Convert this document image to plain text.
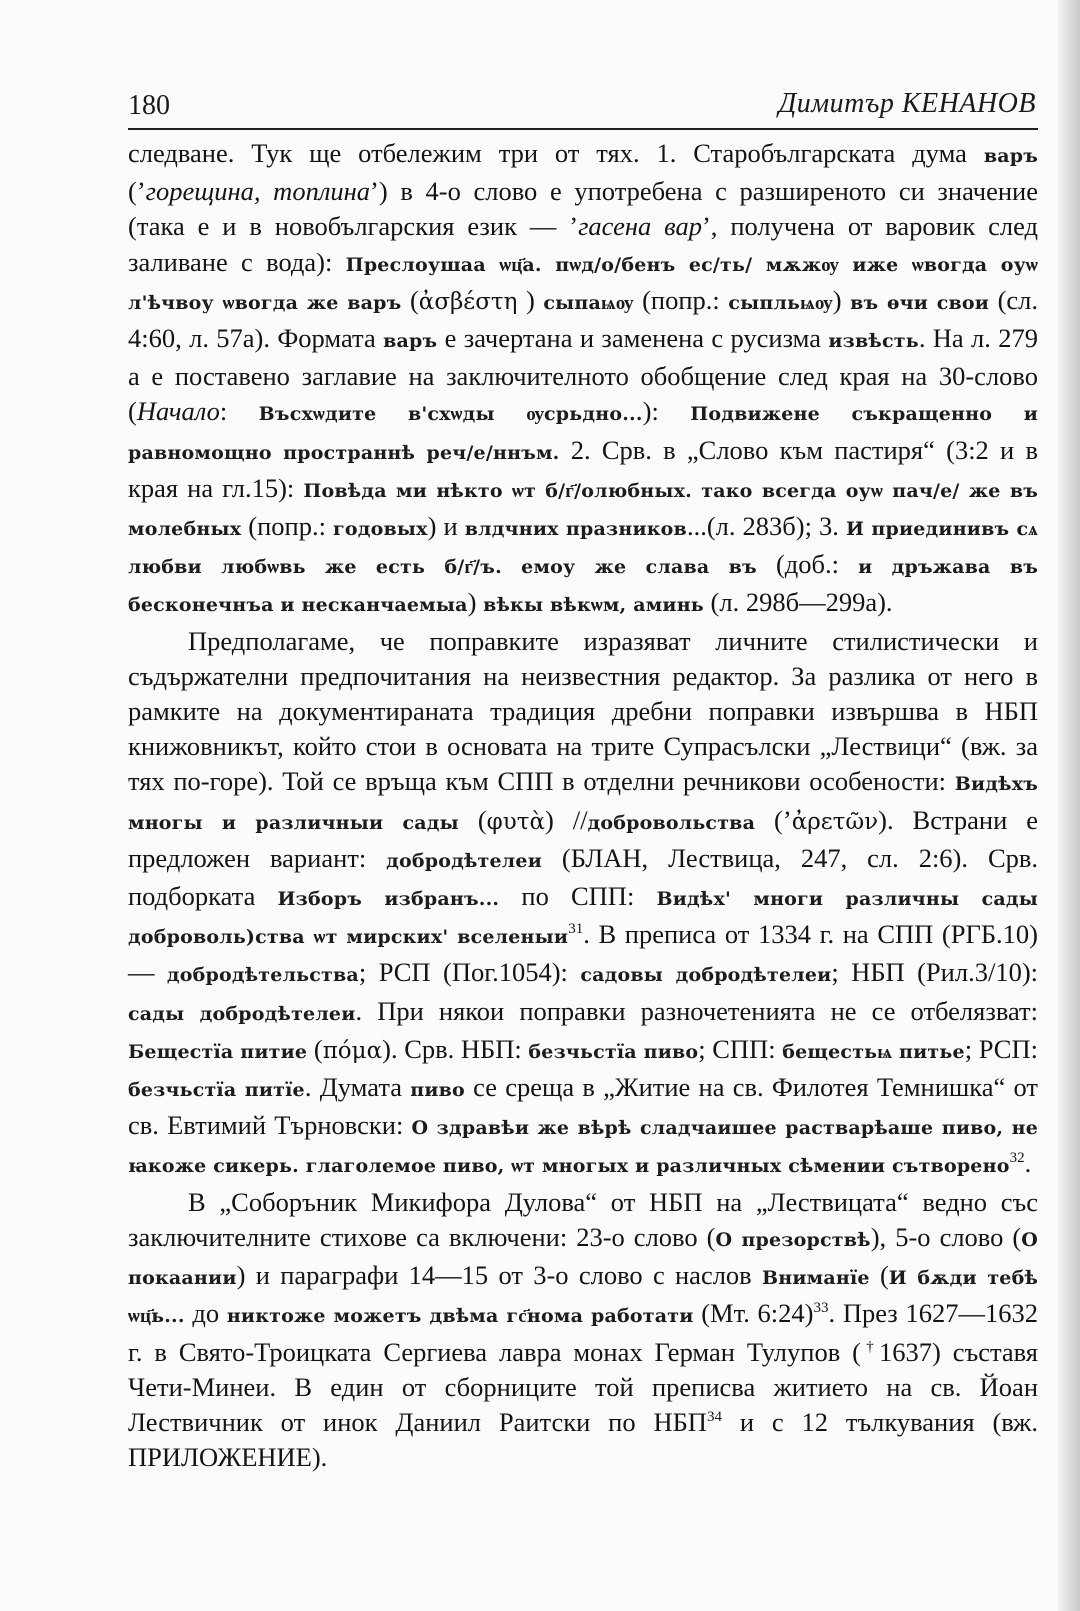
180	Димитър КЕНАНОВ

следване. Тук ще отбележим три от тях. 1. Старобългарската дума варъ (’горещина, топлина’) в 4-о слово е употребена с разширеното си значение (така е и в новобългарския език — ’гасена вар’, получена от варовик след заливане с вода): Преслоушаа ѡц҃а. пѡд/о/бенъ ес/ть/ мѫжѹ иже ѡвогда оуѡ л'ѣчвоу ѡвогда же варъ (ἀσβέστη ) сыпаѩѹ (попр.: сыпльѩѹ) въ ѳчи свои (сл. 4:60, л. 57а). Формата варъ е зачертана и заменена с русизма извѣсть. На л. 279 а е поставено заглавие на заключителното обобщение след края на 30-слово (Начало: Въсхѡдите в'схѡды ѹсрьдно...): Подвижене съкращенно и равномощно пространнѣ реч/е/ннъм. 2. Срв. в „Слово към пастиря“ (3:2 и в края на гл.15): Повѣда ми нѣкто ѡт б/г҃/олюбных. тако всегда оуѡ пач/е/ же въ молебных (попр.: годовых) и влдчних празников...(л. 283б); 3. И приединивъ сѧ любви любѡвь же есть б/г҃/ъ. емоу же слава въ (доб.: и дръжава въ бесконечнъа и несканчаемыа) вѣкы вѣкѡм, аминь (л. 298б—299а).

Предполагаме, че поправките изразяват личните стилистически и съдържателни предпочитания на неизвестния редактор. За разлика от него в рамките на документираната традиция дребни поправки извършва в НБП книжовникът, който стои в основата на трите Супрасълски „Лествици“ (вж. за тях по-горе). Той се връща към СПП в отделни речникови особености: Видѣхъ многы и различныи сады (φυτὰ) //добровольства (’ἀρετῶν). Встрани е предложен вариант: добродѣтелеи (БЛАН, Лествица, 247, сл. 2:6). Срв. подборката Изборъ избранъ... по СПП: Видѣх' многи различны сады доброволь)ства ѡт мирских' вселеныи$^{31}$. В преписа от 1334 г. на СПП (РГБ.10) — добродѣтельства; РСП (Пог.1054): садовы добродѣтелеи; НБП (Рил.3/10): сады добродѣтелеи. При някои поправки разночетенията не се отбелязват: Бещестїа питие (πόμα). Срв. НБП: безчьстїа пиво; СПП: бещестьѩ питье; РСП: безчьстїа питїе. Думата пиво се среща в „Житие на св. Филотея Темнишка“ от св. Евтимий Търновски: О здравѣи же вѣрѣ сладчаишее растварѣаше пиво, не ꙗкоже сикерь. глаголемое пиво, ѡт многых и различных сѣмении сътворено$^{32}$.

В „Соборъник Микифора Дулова“ от НБП на „Лествицата“ ведно със заключителните стихове са включени: 23-о слово (О презорствѣ), 5-о слово (О покаании) и параграфи 14—15 от 3-о слово с наслов Вниманїе (И бѫди тебѣ ѡц҃ь... до никтоже можетъ двѣма гс҃нома работати (Мт. 6:24)$^{33}$. През 1627—1632 г. в Свято-Троицката Сергиева лавра монах Герман Тулупов (†1637) съставя Чети-Минеи. В един от сборниците той преписва житието на св. Йоан Лествичник от инок Даниил Раитски по НБП$^{34}$ и с 12 тълкувания (вж. ПРИЛОЖЕНИЕ).
